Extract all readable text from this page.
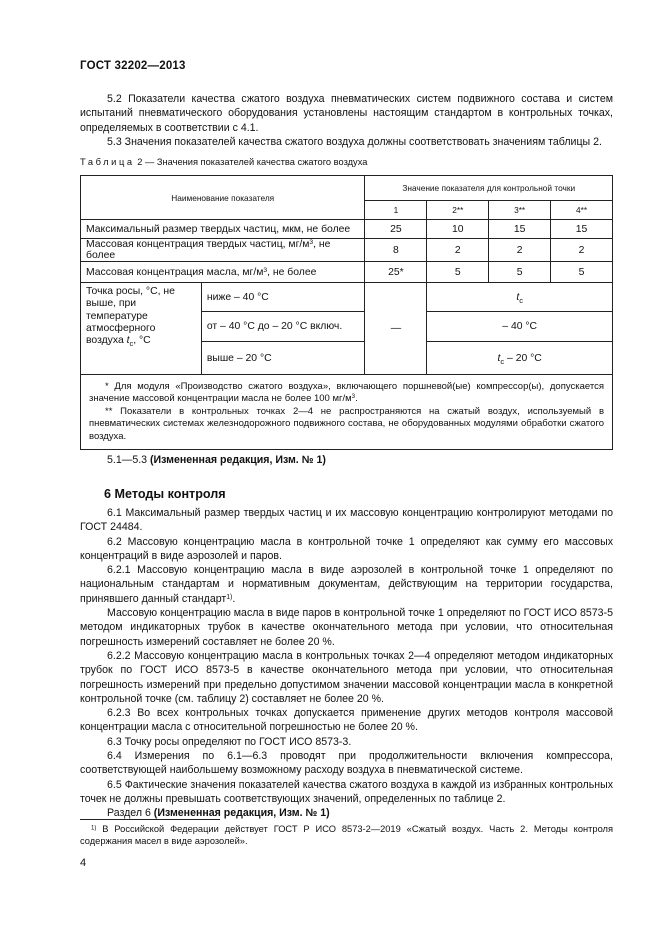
ГОСТ 32202—2013

5.2 Показатели качества сжатого воздуха пневматических систем подвижного состава и систем испытаний пневматического оборудования установлены настоящим стандартом в контрольных точках, определяемых в соответствии с 4.1.

5.3 Значения показателей качества сжатого воздуха должны соответствовать значениям таблицы 2.

Таблица 2 — Значения показателей качества сжатого воздуха
Наименование показателя		Значение показателя для контрольной точки			
		1	2**	3**	4**
Максимальный размер твердых частиц, мкм, не более		25	10	15	15
Массовая концентрация твердых частиц, $мг/м^3$, не более		8	2	2	2
Массовая концентрация масла, $мг/м^3$, не более		25*	5	5	5
Точка росы, °С, не выше, при температуре атмосферного воздуха $t_c$, °С	ниже – 40 °С	—	$t_c$
	от – 40 °С до – 20 °С включ.		– 40 °С		
	выше – 20 °С		$t_c - 20$ °С		

* Для модуля «Производство сжатого воздуха», включающего поршневой(ые) компрессор(ы), допускается значение массовой концентрации масла не более 100 $мг/м^3$.

** Показатели в контрольных точках 2—4 не распространяются на сжатый воздух, используемый в пневматических системах железнодорожного подвижного состава, не оборудованных модулями обработки сжатого воздуха.					

5.1—5.3 (Измененная редакция, Изм. № 1)

6 Методы контроля

6.1 Максимальный размер твердых частиц и их массовую концентрацию контролируют методами по ГОСТ 24484.

6.2 Массовую концентрацию масла в контрольной точке 1 определяют как сумму его массовых концентраций в виде аэрозолей и паров.

6.2.1 Массовую концентрацию масла в виде аэрозолей в контрольной точке 1 определяют по национальным стандартам и нормативным документам, действующим на территории государства, принявшего данный стандарт$^{1)}$.

Массовую концентрацию масла в виде паров в контрольной точке 1 определяют по ГОСТ ИСО 8573-5 методом индикаторных трубок в качестве окончательного метода при условии, что относительная погрешность измерений составляет не более 20 %.

6.2.2 Массовую концентрацию масла в контрольных точках 2—4 определяют методом индикаторных трубок по ГОСТ ИСО 8573-5 в качестве окончательного метода при условии, что относительная погрешность измерений при предельно допустимом значении массовой концентрации масла в конкретной контрольной точке (см. таблицу 2) составляет не более 20 %.

6.2.3 Во всех контрольных точках допускается применение других методов контроля массовой концентрации масла с относительной погрешностью не более 20 %.

6.3 Точку росы определяют по ГОСТ ИСО 8573-3.

6.4 Измерения по 6.1—6.3 проводят при продолжительности включения компрессора, соответствующей наибольшему возможному расходу воздуха в пневматической системе.

6.5 Фактические значения показателей качества сжатого воздуха в каждой из избранных контрольных точек не должны превышать соответствующих значений, определенных по таблице 2.

Раздел 6 (Измененная редакция, Изм. № 1)

$^{1)}$ В Российской Федерации действует ГОСТ Р ИСО 8573-2—2019 «Сжатый воздух. Часть 2. Методы контроля содержания масел в виде аэрозолей».

4
